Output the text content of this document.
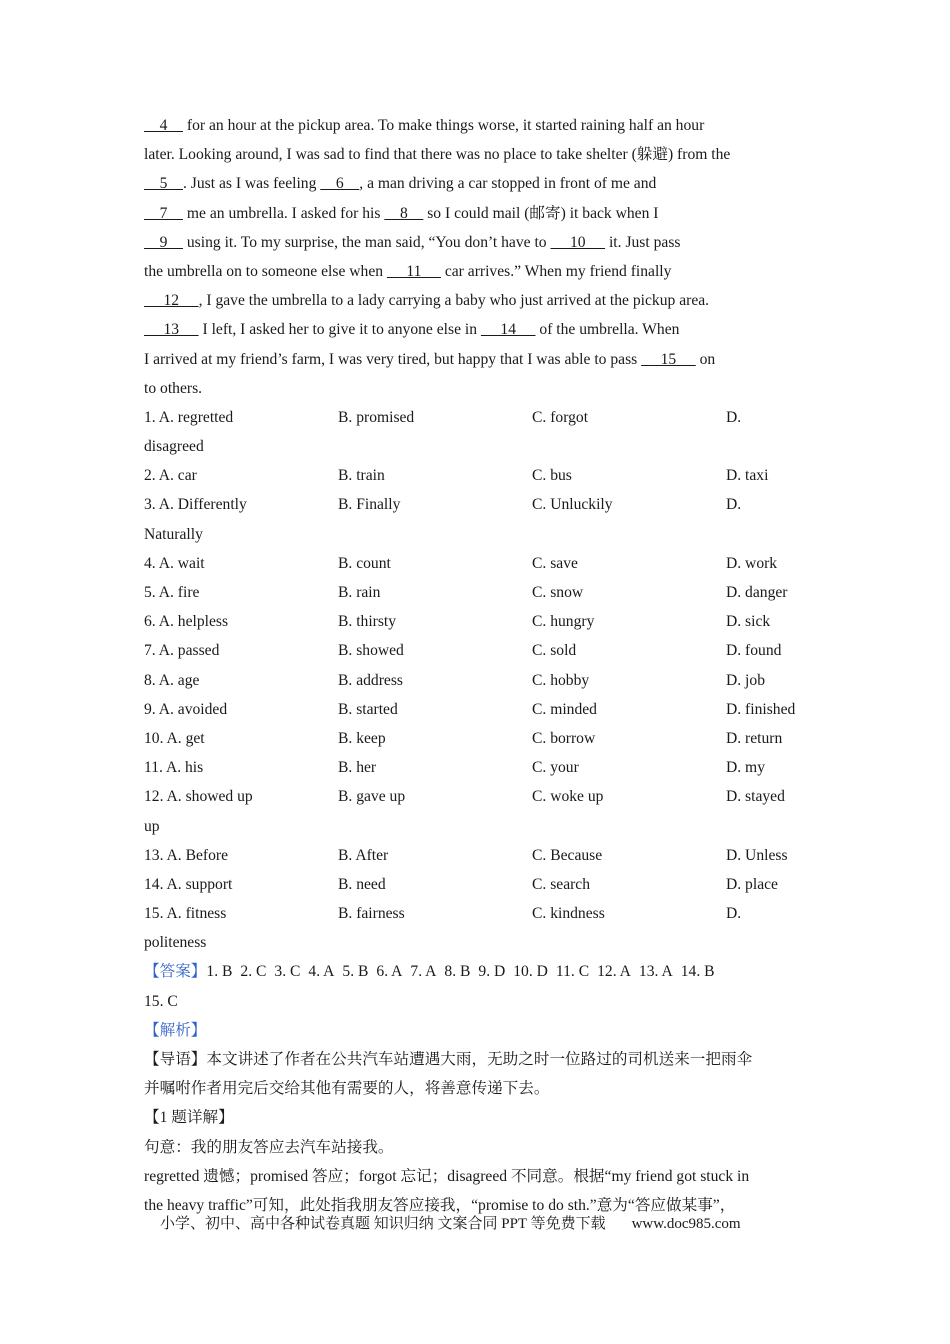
4     for an hour at the pickup area. To make things worse, it started raining half an hour
later. Looking around, I was sad to find that there was no place to take shelter (躲避) from the
5    . Just as I was feeling     6    , a man driving a car stopped in front of me and
7     me an umbrella. I asked for his     8     so I could mail (邮寄) it back when I
9     using it. To my surprise, the man said, “You don’t have to      10      it. Just pass
the umbrella on to someone else when      11      car arrives.” When my friend finally
12     , I gave the umbrella to a lady carrying a baby who just arrived at the pickup area.
13      I left, I asked her to give it to anyone else in      14      of the umbrella. When
I arrived at my friend’s farm, I was very tired, but happy that I was able to pass      15      on
to others.
1. A. regretted	B. promised	C. forgot	D.
disagreed
2. A. car	B. train	C. bus	D. taxi
3. A. Differently	B. Finally	C. Unluckily	D.
Naturally
4. A. wait	B. count	C. save	D. work
5. A. fire	B. rain	C. snow	D. danger
6. A. helpless	B. thirsty	C. hungry	D. sick
7. A. passed	B. showed	C. sold	D. found
8. A. age	B. address	C. hobby	D. job
9. A. avoided	B. started	C. minded	D. finished
10. A. get	B. keep	C. borrow	D. return
11. A. his	B. her	C. your	D. my
12. A. showed up	B. gave up	C. woke up	D. stayed
up
13. A. Before	B. After	C. Because	D. Unless
14. A. support	B. need	C. search	D. place
15. A. fitness	B. fairness	C. kindness	D.
politeness
【答案】1. B 2. C 3. C 4. A 5. B 6. A 7. A 8. B 9. D 10. D 11. C 12. A 13. A 14. B
15. C
【解析】
【导语】本文讲述了作者在公共汽车站遭遇大雨，无助之时一位路过的司机送来一把雨伞
并嘱咐作者用完后交给其他有需要的人，将善意传递下去。
【1 题详解】
句意：我的朋友答应去汽车站接我。
regretted 遗憾；promised 答应；forgot 忘记；disagreed 不同意。根据“my friend got stuck in
the heavy traffic”可知，此处指我朋友答应接我，“promise to do sth.”意为“答应做某事”，
小学、初中、高中各种试卷真题 知识归纳 文案合同 PPT 等免费下载 www.doc985.com
